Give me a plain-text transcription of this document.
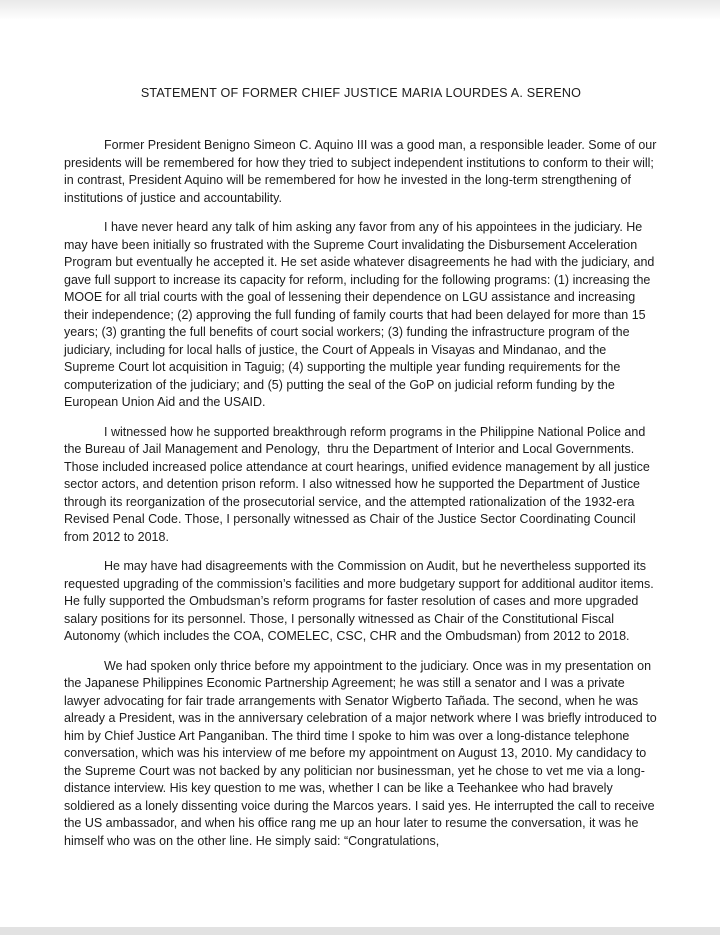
STATEMENT OF FORMER CHIEF JUSTICE MARIA LOURDES A. SERENO

Former President Benigno Simeon C. Aquino III was a good man, a responsible leader. Some of our presidents will be remembered for how they tried to subject independent institutions to conform to their will; in contrast, President Aquino will be remembered for how he invested in the long-term strengthening of institutions of justice and accountability.

I have never heard any talk of him asking any favor from any of his appointees in the judiciary. He may have been initially so frustrated with the Supreme Court invalidating the Disbursement Acceleration Program but eventually he accepted it. He set aside whatever disagreements he had with the judiciary, and gave full support to increase its capacity for reform, including for the following programs: (1) increasing the MOOE for all trial courts with the goal of lessening their dependence on LGU assistance and increasing their independence; (2) approving the full funding of family courts that had been delayed for more than 15 years; (3) granting the full benefits of court social workers; (3) funding the infrastructure program of the judiciary, including for local halls of justice, the Court of Appeals in Visayas and Mindanao, and the Supreme Court lot acquisition in Taguig; (4) supporting the multiple year funding requirements for the computerization of the judiciary; and (5) putting the seal of the GoP on judicial reform funding by the European Union Aid and the USAID.

I witnessed how he supported breakthrough reform programs in the Philippine National Police and the Bureau of Jail Management and Penology,  thru the Department of Interior and Local Governments. Those included increased police attendance at court hearings, unified evidence management by all justice sector actors, and detention prison reform. I also witnessed how he supported the Department of Justice through its reorganization of the prosecutorial service, and the attempted rationalization of the 1932-era Revised Penal Code. Those, I personally witnessed as Chair of the Justice Sector Coordinating Council from 2012 to 2018.

He may have had disagreements with the Commission on Audit, but he nevertheless supported its requested upgrading of the commission’s facilities and more budgetary support for additional auditor items. He fully supported the Ombudsman’s reform programs for faster resolution of cases and more upgraded salary positions for its personnel. Those, I personally witnessed as Chair of the Constitutional Fiscal Autonomy (which includes the COA, COMELEC, CSC, CHR and the Ombudsman) from 2012 to 2018.

We had spoken only thrice before my appointment to the judiciary. Once was in my presentation on the Japanese Philippines Economic Partnership Agreement; he was still a senator and I was a private lawyer advocating for fair trade arrangements with Senator Wigberto Tañada. The second, when he was already a President, was in the anniversary celebration of a major network where I was briefly introduced to him by Chief Justice Art Panganiban. The third time I spoke to him was over a long-distance telephone conversation, which was his interview of me before my appointment on August 13, 2010. My candidacy to the Supreme Court was not backed by any politician nor businessman, yet he chose to vet me via a long-distance interview. His key question to me was, whether I can be like a Teehankee who had bravely soldiered as a lonely dissenting voice during the Marcos years. I said yes. He interrupted the call to receive the US ambassador, and when his office rang me up an hour later to resume the conversation, it was he himself who was on the other line. He simply said: “Congratulations,
